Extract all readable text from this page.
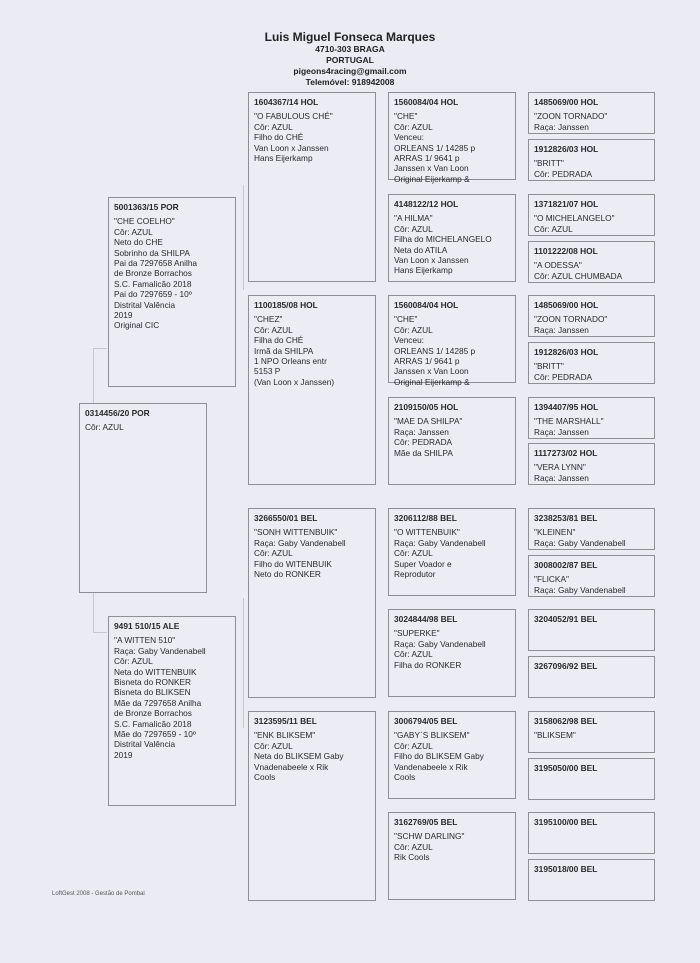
Luis Miguel Fonseca Marques
4710-303 BRAGA
PORTUGAL
pigeons4racing@gmail.com
Telemóvel: 918942008
0314456/20 POR
Côr: AZUL
5001363/15 POR
"CHE COELHO"
Côr: AZUL
Neto do CHE
Sobrinho da SHILPA
Pai da 7297658 Anilha
de Bronze Borrachos
S.C. Famalicão 2018
Pai do 7297659 - 10º
Distrital Valência
2019
Original CIC
9491 510/15 ALE
"A WITTEN 510"
Raça: Gaby Vandenabell
Côr: AZUL
Neta do WITTENBUIK
Bisneta do RONKER
Bisneta do BLIKSEN
Mãe da 7297658 Anilha
de Bronze Borrachos
S.C. Famalicão 2018
Mãe do 7297659 - 10º
Distrital Valência
2019
1604367/14 HOL
"O FABULOUS CHÉ"
Côr: AZUL
Filho do CHÉ
Van Loon x Janssen
Hans Eijerkamp
1100185/08 HOL
"CHEZ"
Côr: AZUL
Filha do CHÉ
Irmã da SHILPA
1 NPO Orleans entr
5153 P
(Van Loon x Janssen)
3266550/01 BEL
"SONH WITTENBUIK"
Raça: Gaby Vandenabell
Côr: AZUL
Filho do WITENBUIK
Neto do RONKER
3123595/11 BEL
"ENK BLIKSEM"
Côr: AZUL
Neta do BLIKSEM Gaby
Vnadenabeele x Rik
Cools
1560084/04 HOL
"CHE"
Côr: AZUL
Venceu:
ORLEANS 1/ 14285 p
ARRAS 1/ 9641 p
Janssen x Van Loon
Original Eijerkamp &
4148122/12 HOL
"A HILMA"
Côr: AZUL
Filha do MICHELANGELO
Neta do ATILA
Van Loon x Janssen
Hans Eijerkamp
1560084/04 HOL
"CHE"
Côr: AZUL
Venceu:
ORLEANS 1/ 14285 p
ARRAS 1/ 9641 p
Janssen x Van Loon
Original Eijerkamp &
2109150/05 HOL
"MAE DA SHILPA"
Raça: Janssen
Côr: PEDRADA
Mãe da SHILPA
3206112/88 BEL
"O WITTENBUIK"
Raça: Gaby Vandenabell
Côr: AZUL
Super Voador e
Reprodutor
3024844/98 BEL
"SUPERKE"
Raça: Gaby Vandenabell
Côr: AZUL
Filha do RONKER
3006794/05 BEL
"GABY`S BLIKSEM"
Côr: AZUL
Filho do BLIKSEM Gaby
Vandenabeele x Rik
Cools
3162769/05 BEL
"SCHW DARLING"
Côr: AZUL
Rik Cools
1485069/00 HOL
"ZOON TORNADO"
Raça: Janssen
1912826/03 HOL
"BRITT"
Côr: PEDRADA
1371821/07 HOL
"O MICHELANGELO"
Côr: AZUL
1101222/08 HOL
"A ODESSA"
Côr: AZUL CHUMBADA
1485069/00 HOL
"ZOON TORNADO"
Raça: Janssen
1912826/03 HOL
"BRITT"
Côr: PEDRADA
1394407/95 HOL
"THE MARSHALL"
Raça: Janssen
1117273/02 HOL
"VERA LYNN"
Raça: Janssen
3238253/81 BEL
"KLEINEN"
Raça: Gaby Vandenabell
3008002/87 BEL
"FLICKA"
Raça: Gaby Vandenabell
3204052/91 BEL
3267096/92 BEL
3158062/98 BEL
"BLIKSEM"
3195050/00 BEL
3195100/00 BEL
3195018/00 BEL
LoftGest 2008 - Gestão de Pombal
